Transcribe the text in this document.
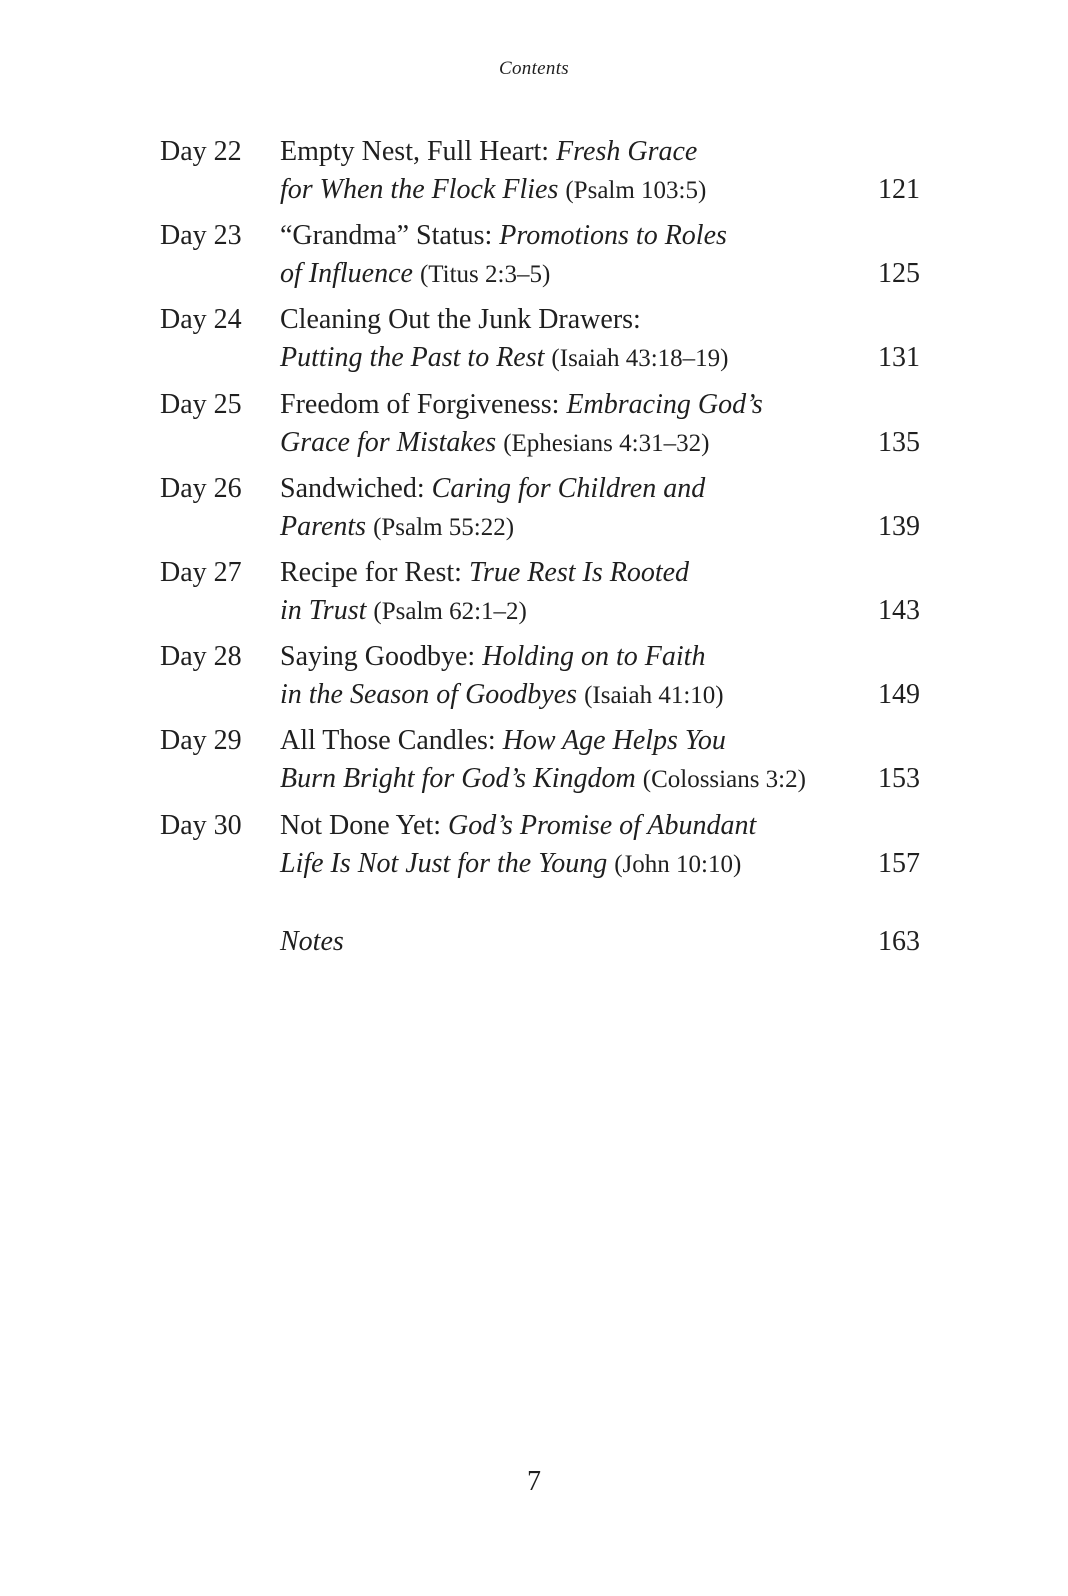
Contents
Day 22 Empty Nest, Full Heart: Fresh Grace
for When the Flock Flies (Psalm 103:5)	121
Day 23 “Grandma” Status: Promotions to Roles
of Influence (Titus 2:3–5)	125
Day 24 Cleaning Out the Junk Drawers:
Putting the Past to Rest (Isaiah 43:18–19)	131
Day 25 Freedom of Forgiveness: Embracing God’s
Grace for Mistakes (Ephesians 4:31–32)	135
Day 26 Sandwiched: Caring for Children and
Parents (Psalm 55:22)	139
Day 27 Recipe for Rest: True Rest Is Rooted
in Trust (Psalm 62:1–2)	143
Day 28 Saying Goodbye: Holding on to Faith
in the Season of Goodbyes (Isaiah 41:10)	149
Day 29 All Those Candles: How Age Helps You
Burn Bright for God’s Kingdom (Colossians 3:2)	153
Day 30 Not Done Yet: God’s Promise of Abundant
Life Is Not Just for the Young (John 10:10)	157
Notes	163
7
